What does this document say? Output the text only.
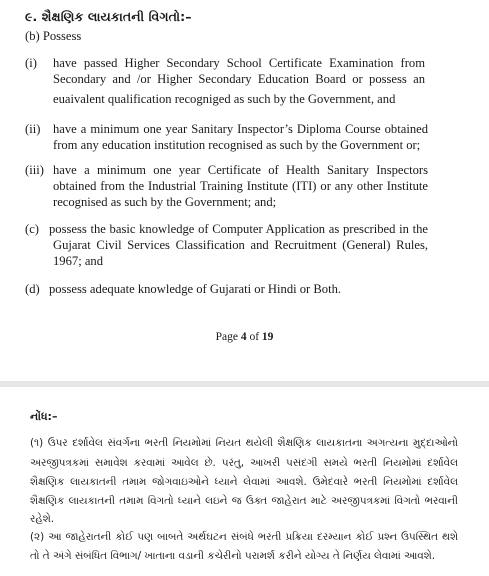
૯. શૈક્ષણિક લાયકાતની વિગતો:–
(b) Possess
(i) have passed Higher Secondary School Certificate Examination from
Secondary and /or Higher Secondary Education Board or possess an
euaivalent qualification recogniged as such by the Government, and
(ii) have a minimum one year Sanitary Inspector’s Diploma Course obtained
from any education institution recognised as such by the Government or;
(iii) have a minimum one year Certificate of Health Sanitary Inspectors
obtained from the Industrial Training Institute (ITI) or any other Institute
recognised as such by the Government; and;
(c) possess the basic knowledge of Computer Application as prescribed in the
Gujarat Civil Services Classification and Recruitment (General) Rules,
1967; and
(d) possess adequate knowledge of Gujarati or Hindi or Both.
Page 4 of 19
નોંધ:–
(૧) ઉપર દર્શાવેલ સંવર્ગના ભરતી નિયમોમાં નિયત થયેલી શૈક્ષણિક લાયકાતના અગત્યના મુદ્દાઓનો
અરજીપત્રકમાં સમાવેશ કરવામાં આવેલ છે. પરંતુ, આખરી પસંદગી સમયે ભરતી નિયમોમાં દર્શાવેલ
શૈક્ષણિક લાયકાતની તમામ જોગવાઇઓને ધ્યાને લેવામાં આવશે. ઉમેદવારે ભરતી નિયમોમાં દર્શાવેલ
શૈક્ષણિક લાયકાતની તમામ વિગતો ધ્યાને લઇને જ ઉક્ત જાહેરાત માટે અરજીપત્રકમાં વિગતો ભરવાની
રહેશે.
(૨) આ જાહેરાતની કોઈ પણ બાબતે અર્થઘટન સંબંધે ભરતી પ્રક્રિયા દરમ્યાન કોઈ પ્રશ્ન ઉપસ્થિત થશે
તો તે અંગે સંબંધિત વિભાગ/ ખાતાના વડાની કચેરીનો પરામર્શ કરીને યોગ્ય તે નિર્ણય લેવામાં આવશે.
